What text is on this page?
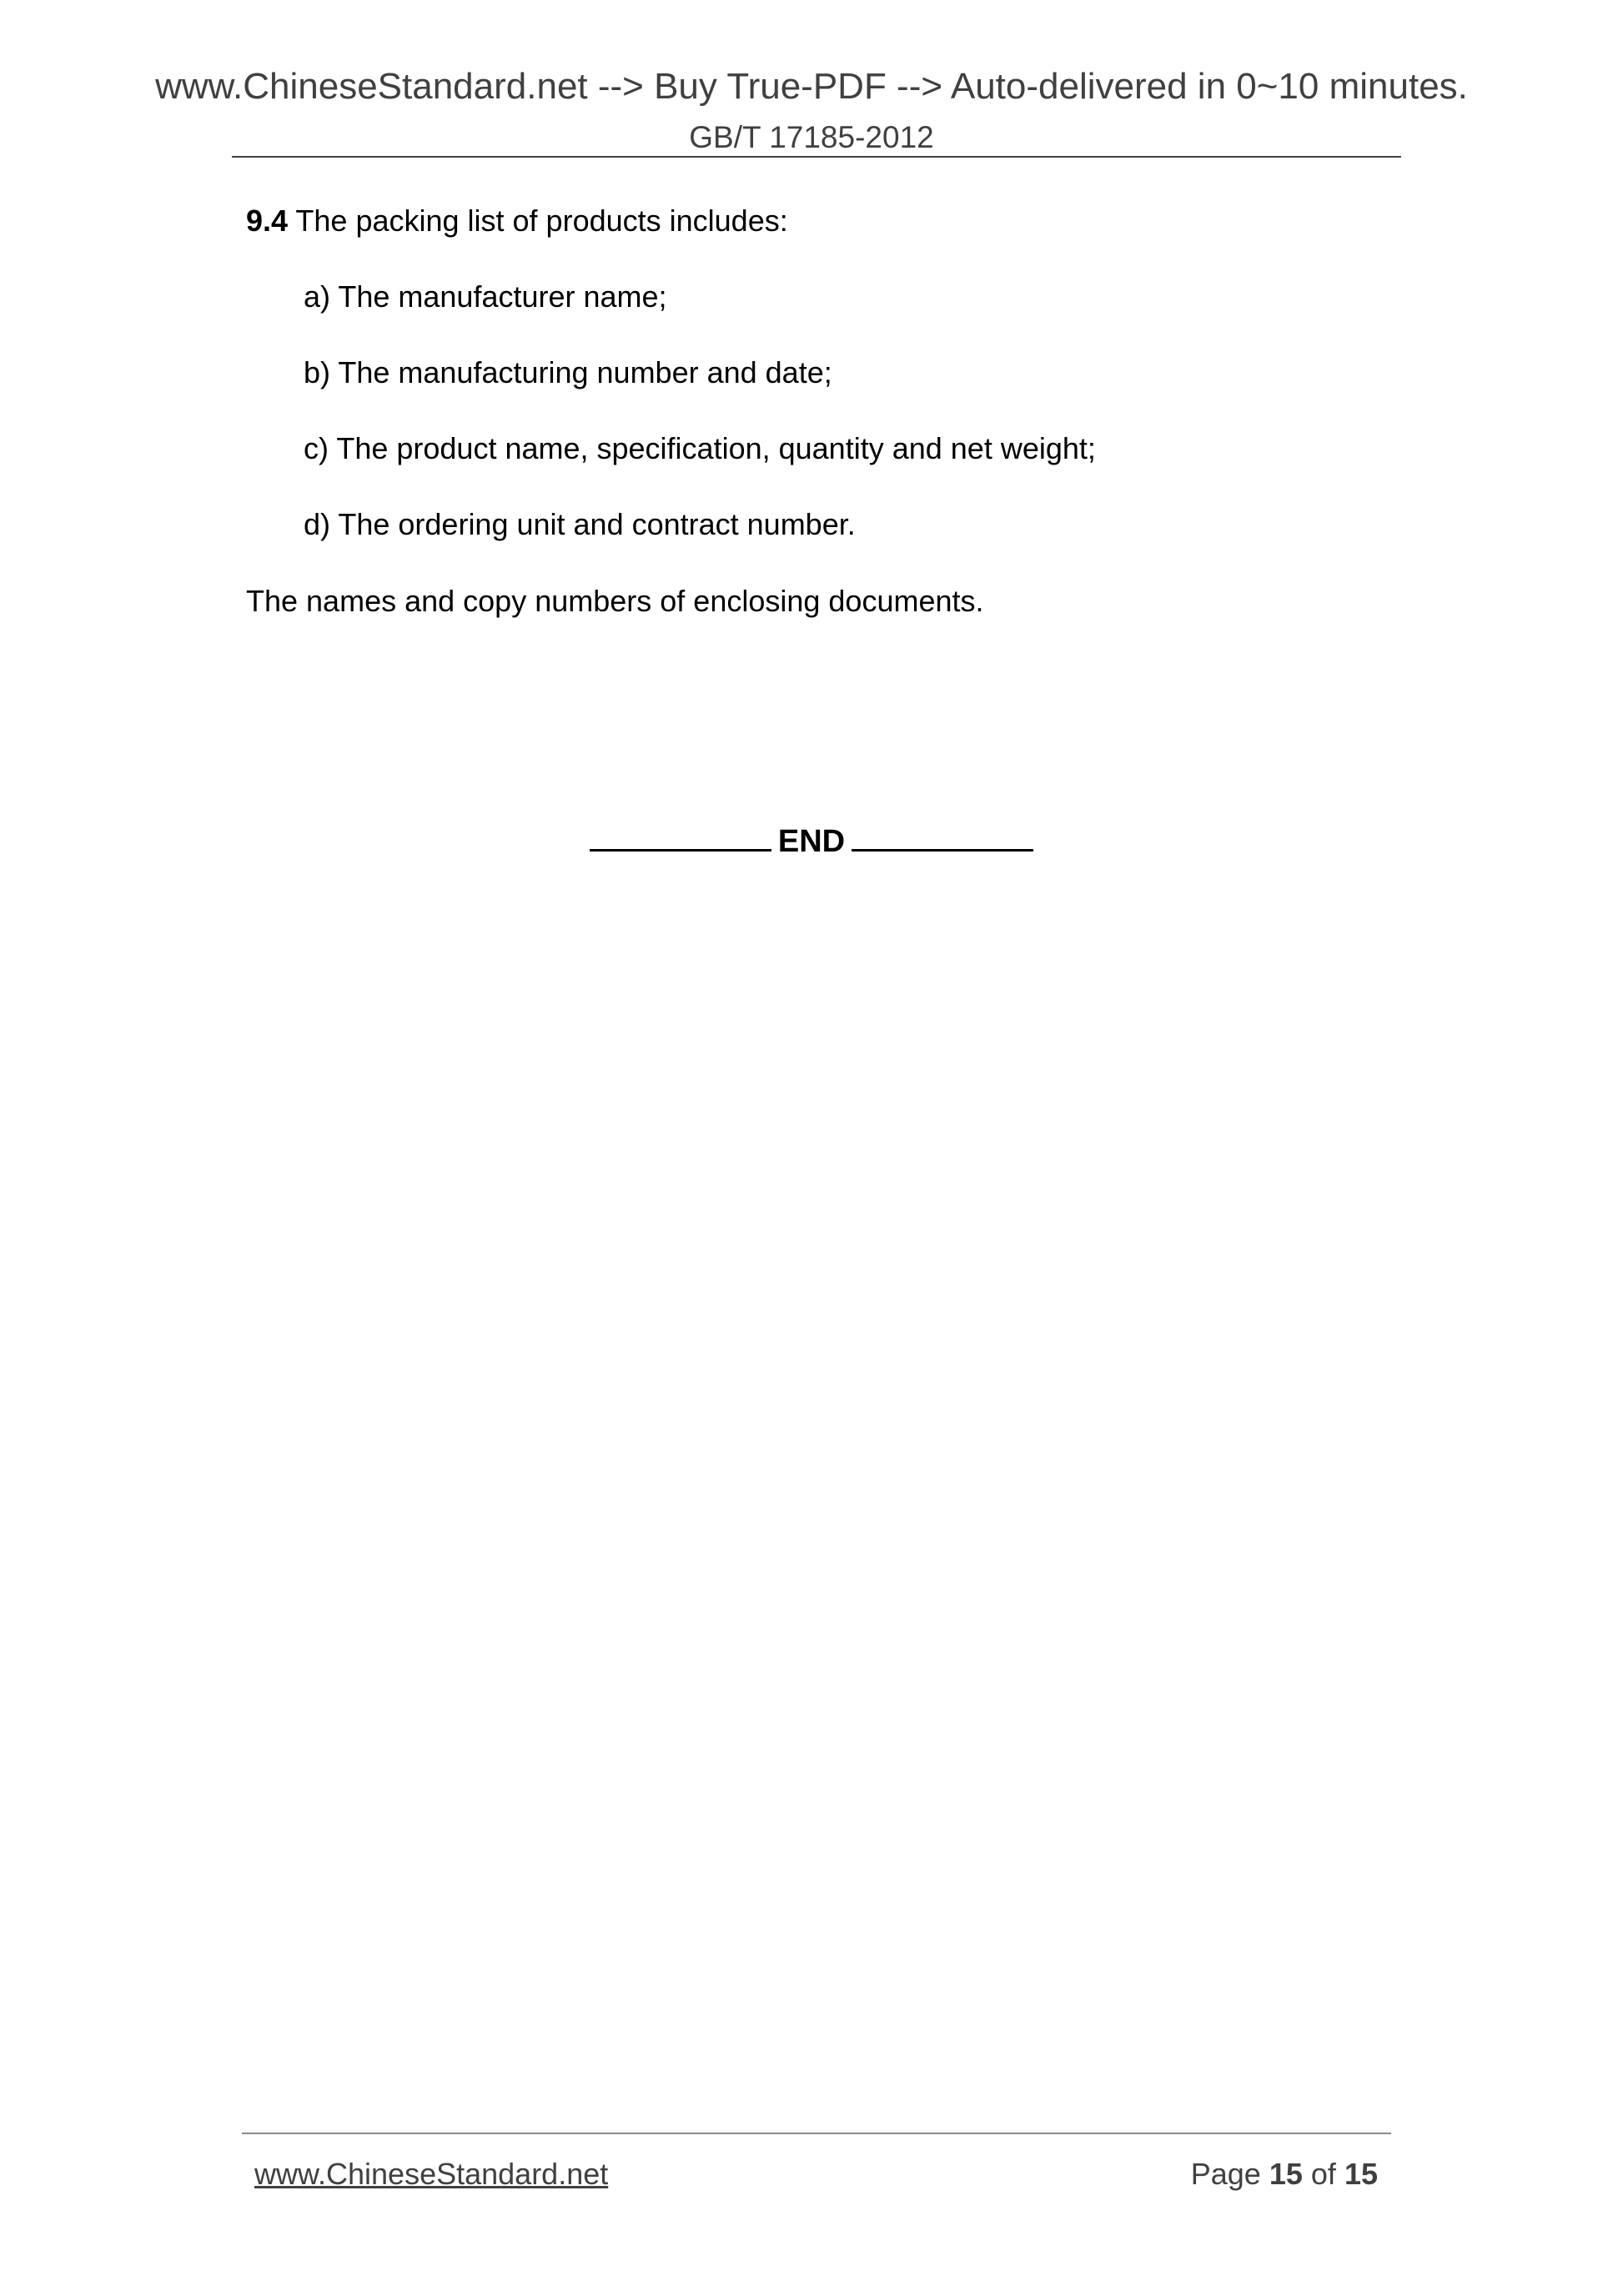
www.ChineseStandard.net --> Buy True-PDF --> Auto-delivered in 0~10 minutes.
GB/T 17185-2012
9.4 The packing list of products includes:
a) The manufacturer name;
b) The manufacturing number and date;
c) The product name, specification, quantity and net weight;
d) The ordering unit and contract number.
The names and copy numbers of enclosing documents.
END
www.ChineseStandard.net	Page 15 of 15
